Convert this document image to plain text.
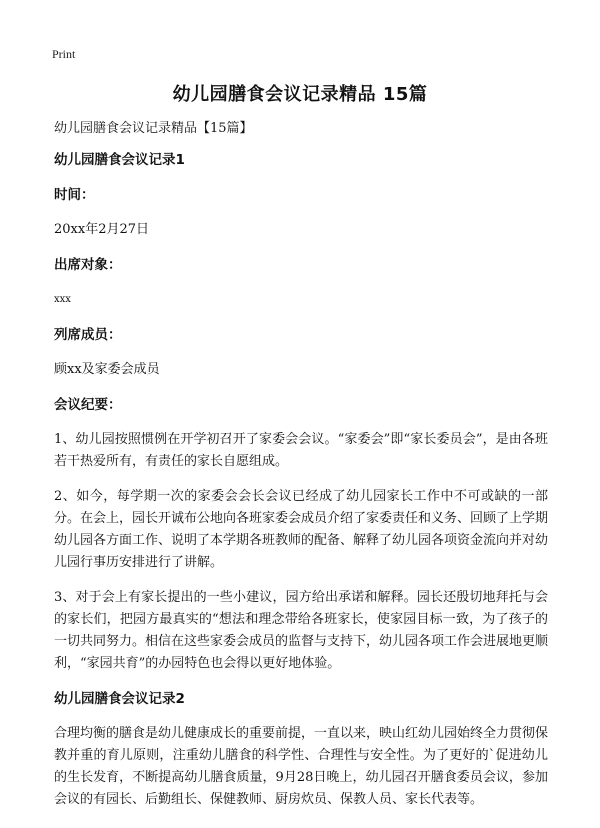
Print
幼儿园膳食会议记录精品 15篇

幼儿园膳食会议记录精品【15篇】

幼儿园膳食会议记录1

时间：

20xx年2月27日

出席对象：

xxx

列席成员：

顾xx及家委会成员

会议纪要：

1、幼儿园按照惯例在开学初召开了家委会会议。“家委会”即“家长委员会”，是由各班若干热爱所有，有责任的家长自愿组成。

2、如今，每学期一次的家委会会长会议已经成了幼儿园家长工作中不可或缺的一部分。在会上，园长开诚布公地向各班家委会成员介绍了家委责任和义务、回顾了上学期幼儿园各方面工作、说明了本学期各班教师的配备、解释了幼儿园各项资金流向并对幼儿园行事历安排进行了讲解。

3、对于会上有家长提出的一些小建议，园方给出承诺和解释。园长还殷切地拜托与会的家长们，把园方最真实的“想法和理念带给各班家长，使家园目标一致，为了孩子的一切共同努力。相信在这些家委会成员的监督与支持下，幼儿园各项工作会进展地更顺利，“家园共育”的办园特色也会得以更好地体验。

幼儿园膳食会议记录2

合理均衡的膳食是幼儿健康成长的重要前提，一直以来，映山红幼儿园始终全力贯彻保教并重的育儿原则，注重幼儿膳食的科学性、合理性与安全性。为了更好的`促进幼儿的生长发育，不断提高幼儿膳食质量，9月28日晚上，幼儿园召开膳食委员会议，参加会议的有园长、后勤组长、保健教师、厨房炊员、保教人员、家长代表等。
